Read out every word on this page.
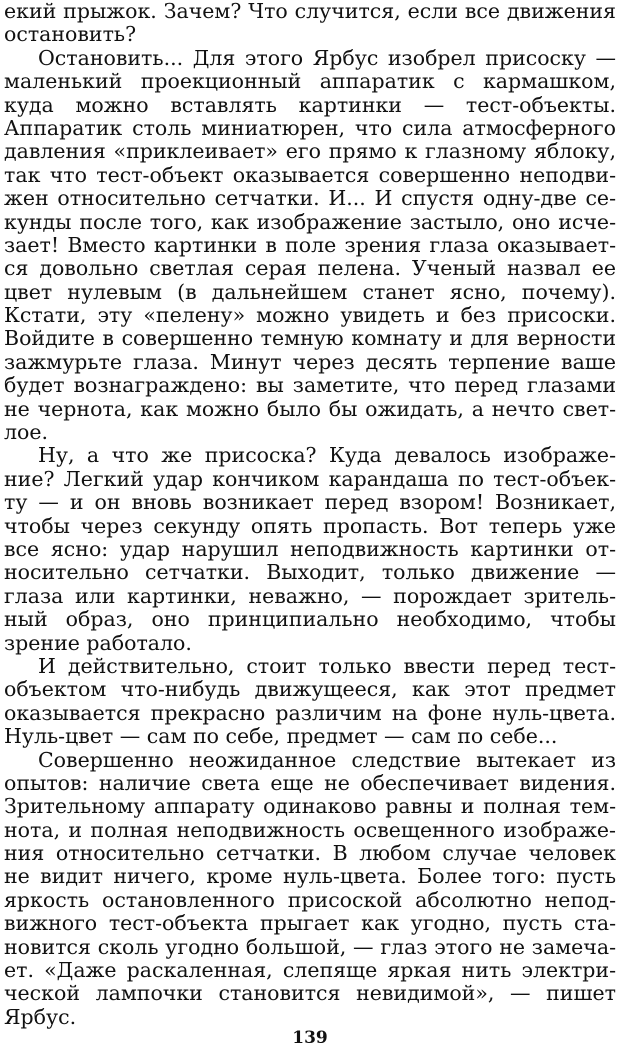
екий прыжок. Зачем? Что случится, если все движения
остановить?
Остановить... Для этого Ярбус изобрел присоску —
маленький проекционный аппаратик с кармашком,
куда можно вставлять картинки — тест-объекты.
Аппаратик столь миниатюрен, что сила атмосферного
давления «приклеивает» его прямо к глазному яблоку,
так что тест-объект оказывается совершенно неподви-
жен относительно сетчатки. И... И спустя одну-две се-
кунды после того, как изображение застыло, оно исче-
зает! Вместо картинки в поле зрения глаза оказывает-
ся довольно светлая серая пелена. Ученый назвал ее
цвет нулевым (в дальнейшем станет ясно, почему).
Кстати, эту «пелену» можно увидеть и без присоски.
Войдите в совершенно темную комнату и для верности
зажмурьте глаза. Минут через десять терпение ваше
будет вознаграждено: вы заметите, что перед глазами
не чернота, как можно было бы ожидать, а нечто свет-
лое.
Ну, а что же присоска? Куда девалось изображе-
ние? Легкий удар кончиком карандаша по тест-объек-
ту — и он вновь возникает перед взором! Возникает,
чтобы через секунду опять пропасть. Вот теперь уже
все ясно: удар нарушил неподвижность картинки от-
носительно сетчатки. Выходит, только движение —
глаза или картинки, неважно, — порождает зритель-
ный образ, оно принципиально необходимо, чтобы
зрение работало.
И действительно, стоит только ввести перед тест-
объектом что-нибудь движущееся, как этот предмет
оказывается прекрасно различим на фоне нуль-цвета.
Нуль-цвет — сам по себе, предмет — сам по себе...
Совершенно неожиданное следствие вытекает из
опытов: наличие света еще не обеспечивает видения.
Зрительному аппарату одинаково равны и полная тем-
нота, и полная неподвижность освещенного изображе-
ния относительно сетчатки. В любом случае человек
не видит ничего, кроме нуль-цвета. Более того: пусть
яркость остановленного присоской абсолютно непод-
вижного тест-объекта прыгает как угодно, пусть ста-
новится сколь угодно большой, — глаз этого не замеча-
ет. «Даже раскаленная, слепяще яркая нить электри-
ческой лампочки становится невидимой», — пишет
Ярбус.
139
